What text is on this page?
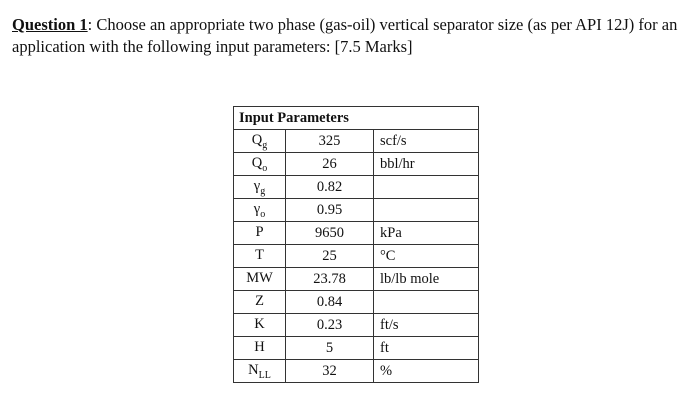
Question 1: Choose an appropriate two phase (gas-oil) vertical separator size (as per API 12J) for an application with the following input parameters: [7.5 Marks]
Input Parameters		
$Q_g$	325	scf/s
$Q_o$	26	bbl/hr
$\gamma_g$	0.82	
$\gamma_o$	0.95	
P	9650	kPa
T	25	°C
MW	23.78	lb/lb mole
Z	0.84	
K	0.23	ft/s
H	5	ft
$N_{LL}$	32	%
